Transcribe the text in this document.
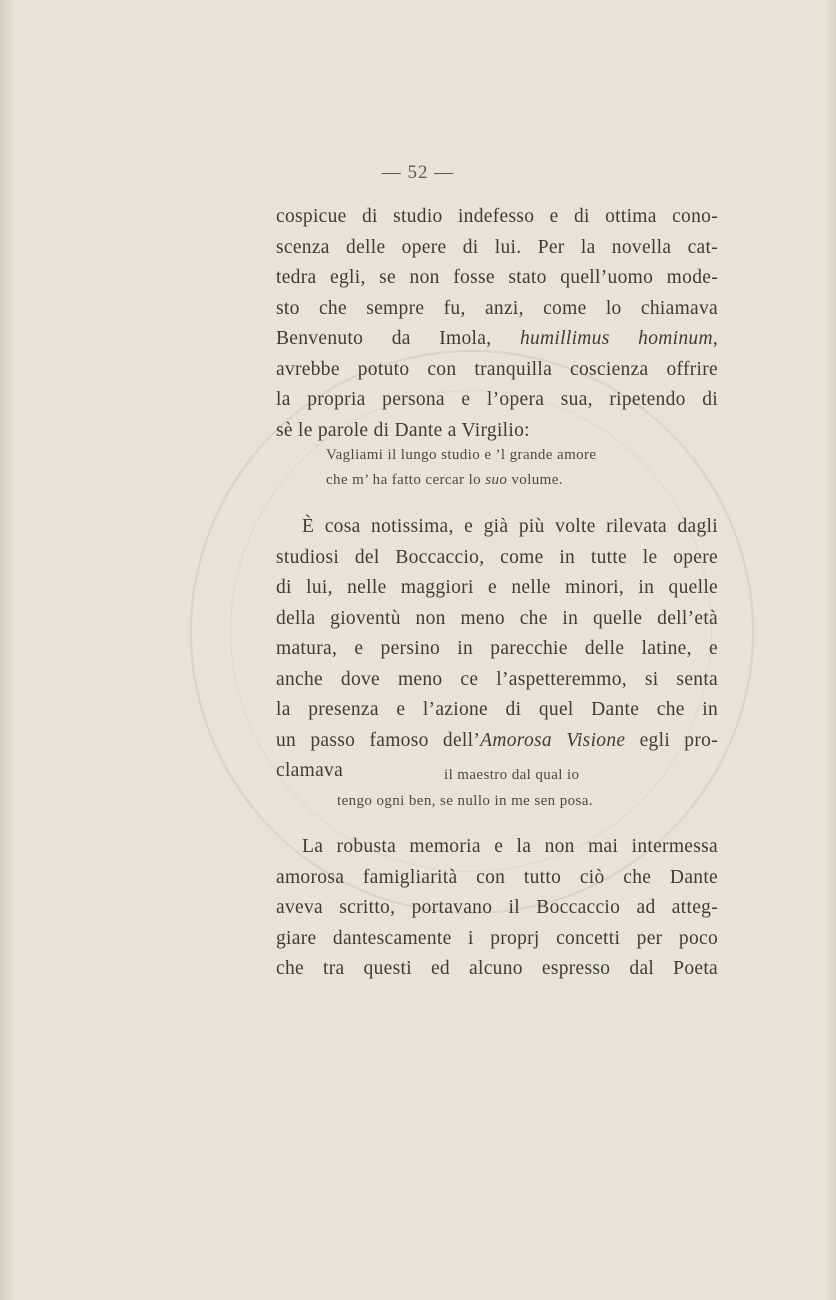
— 52 —
cospicue di studio indefesso e di ottima cono-
scenza delle opere di lui. Per la novella cat-
tedra egli, se non fosse stato quell’uomo mode-
sto che sempre fu, anzi, come lo chiamava
Benvenuto da Imola, humillimus hominum,
avrebbe potuto con tranquilla coscienza offrire
la propria persona e l’opera sua, ripetendo di
sè le parole di Dante a Virgilio:
Vagliami il lungo studio e ’l grande amore
che m’ ha fatto cercar lo suo volume.
È cosa notissima, e già più volte rilevata dagli
studiosi del Boccaccio, come in tutte le opere
di lui, nelle maggiori e nelle minori, in quelle
della gioventù non meno che in quelle dell’età
matura, e persino in parecchie delle latine, e
anche dove meno ce l’aspetteremmo, si senta
la presenza e l’azione di quel Dante che in
un passo famoso dell’Amorosa Visione egli pro-
clamava	il maestro dal qual io
tengo ogni ben, se nullo in me sen posa.
La robusta memoria e la non mai intermessa
amorosa famigliarità con tutto ciò che Dante
aveva scritto, portavano il Boccaccio ad atteg-
giare dantescamente i proprj concetti per poco
che tra questi ed alcuno espresso dal Poeta
